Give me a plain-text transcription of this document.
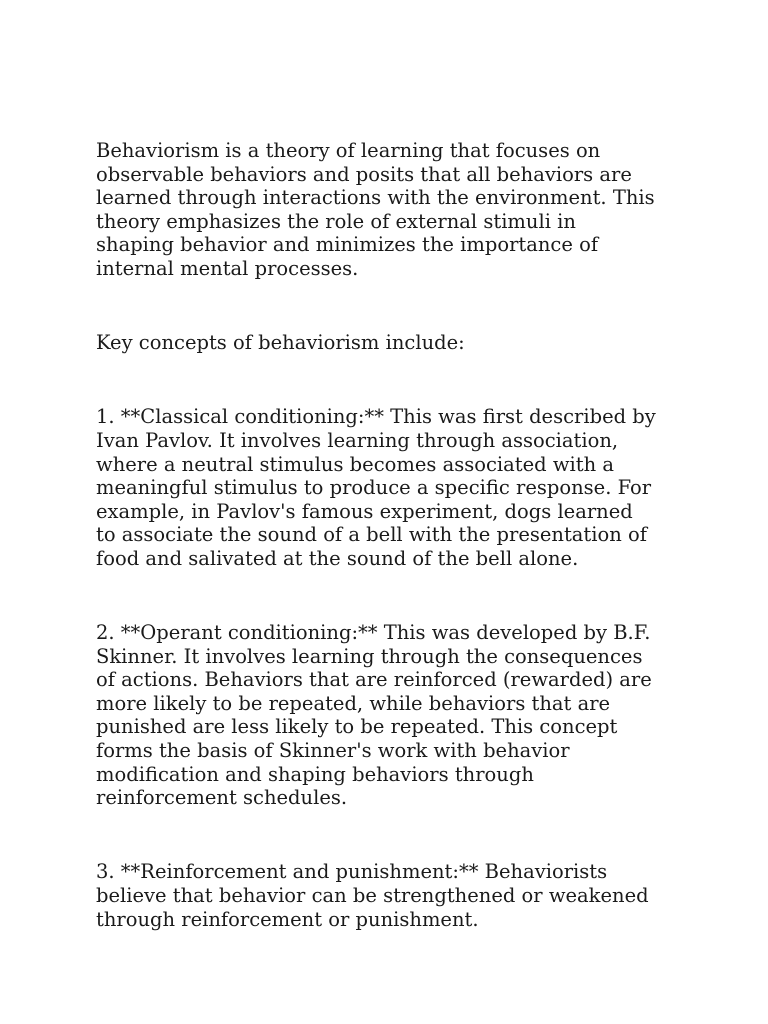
Behaviorism is a theory of learning that focuses on observable behaviors and posits that all behaviors are learned through interactions with the environment. This theory emphasizes the role of external stimuli in shaping behavior and minimizes the importance of internal mental processes.

Key concepts of behaviorism include:

1. **Classical conditioning:** This was first described by Ivan Pavlov. It involves learning through association, where a neutral stimulus becomes associated with a meaningful stimulus to produce a specific response. For example, in Pavlov's famous experiment, dogs learned to associate the sound of a bell with the presentation of food and salivated at the sound of the bell alone.

2. **Operant conditioning:** This was developed by B.F. Skinner. It involves learning through the consequences of actions. Behaviors that are reinforced (rewarded) are more likely to be repeated, while behaviors that are punished are less likely to be repeated. This concept forms the basis of Skinner's work with behavior modification and shaping behaviors through reinforcement schedules.

3. **Reinforcement and punishment:** Behaviorists believe that behavior can be strengthened or weakened through reinforcement or punishment.
